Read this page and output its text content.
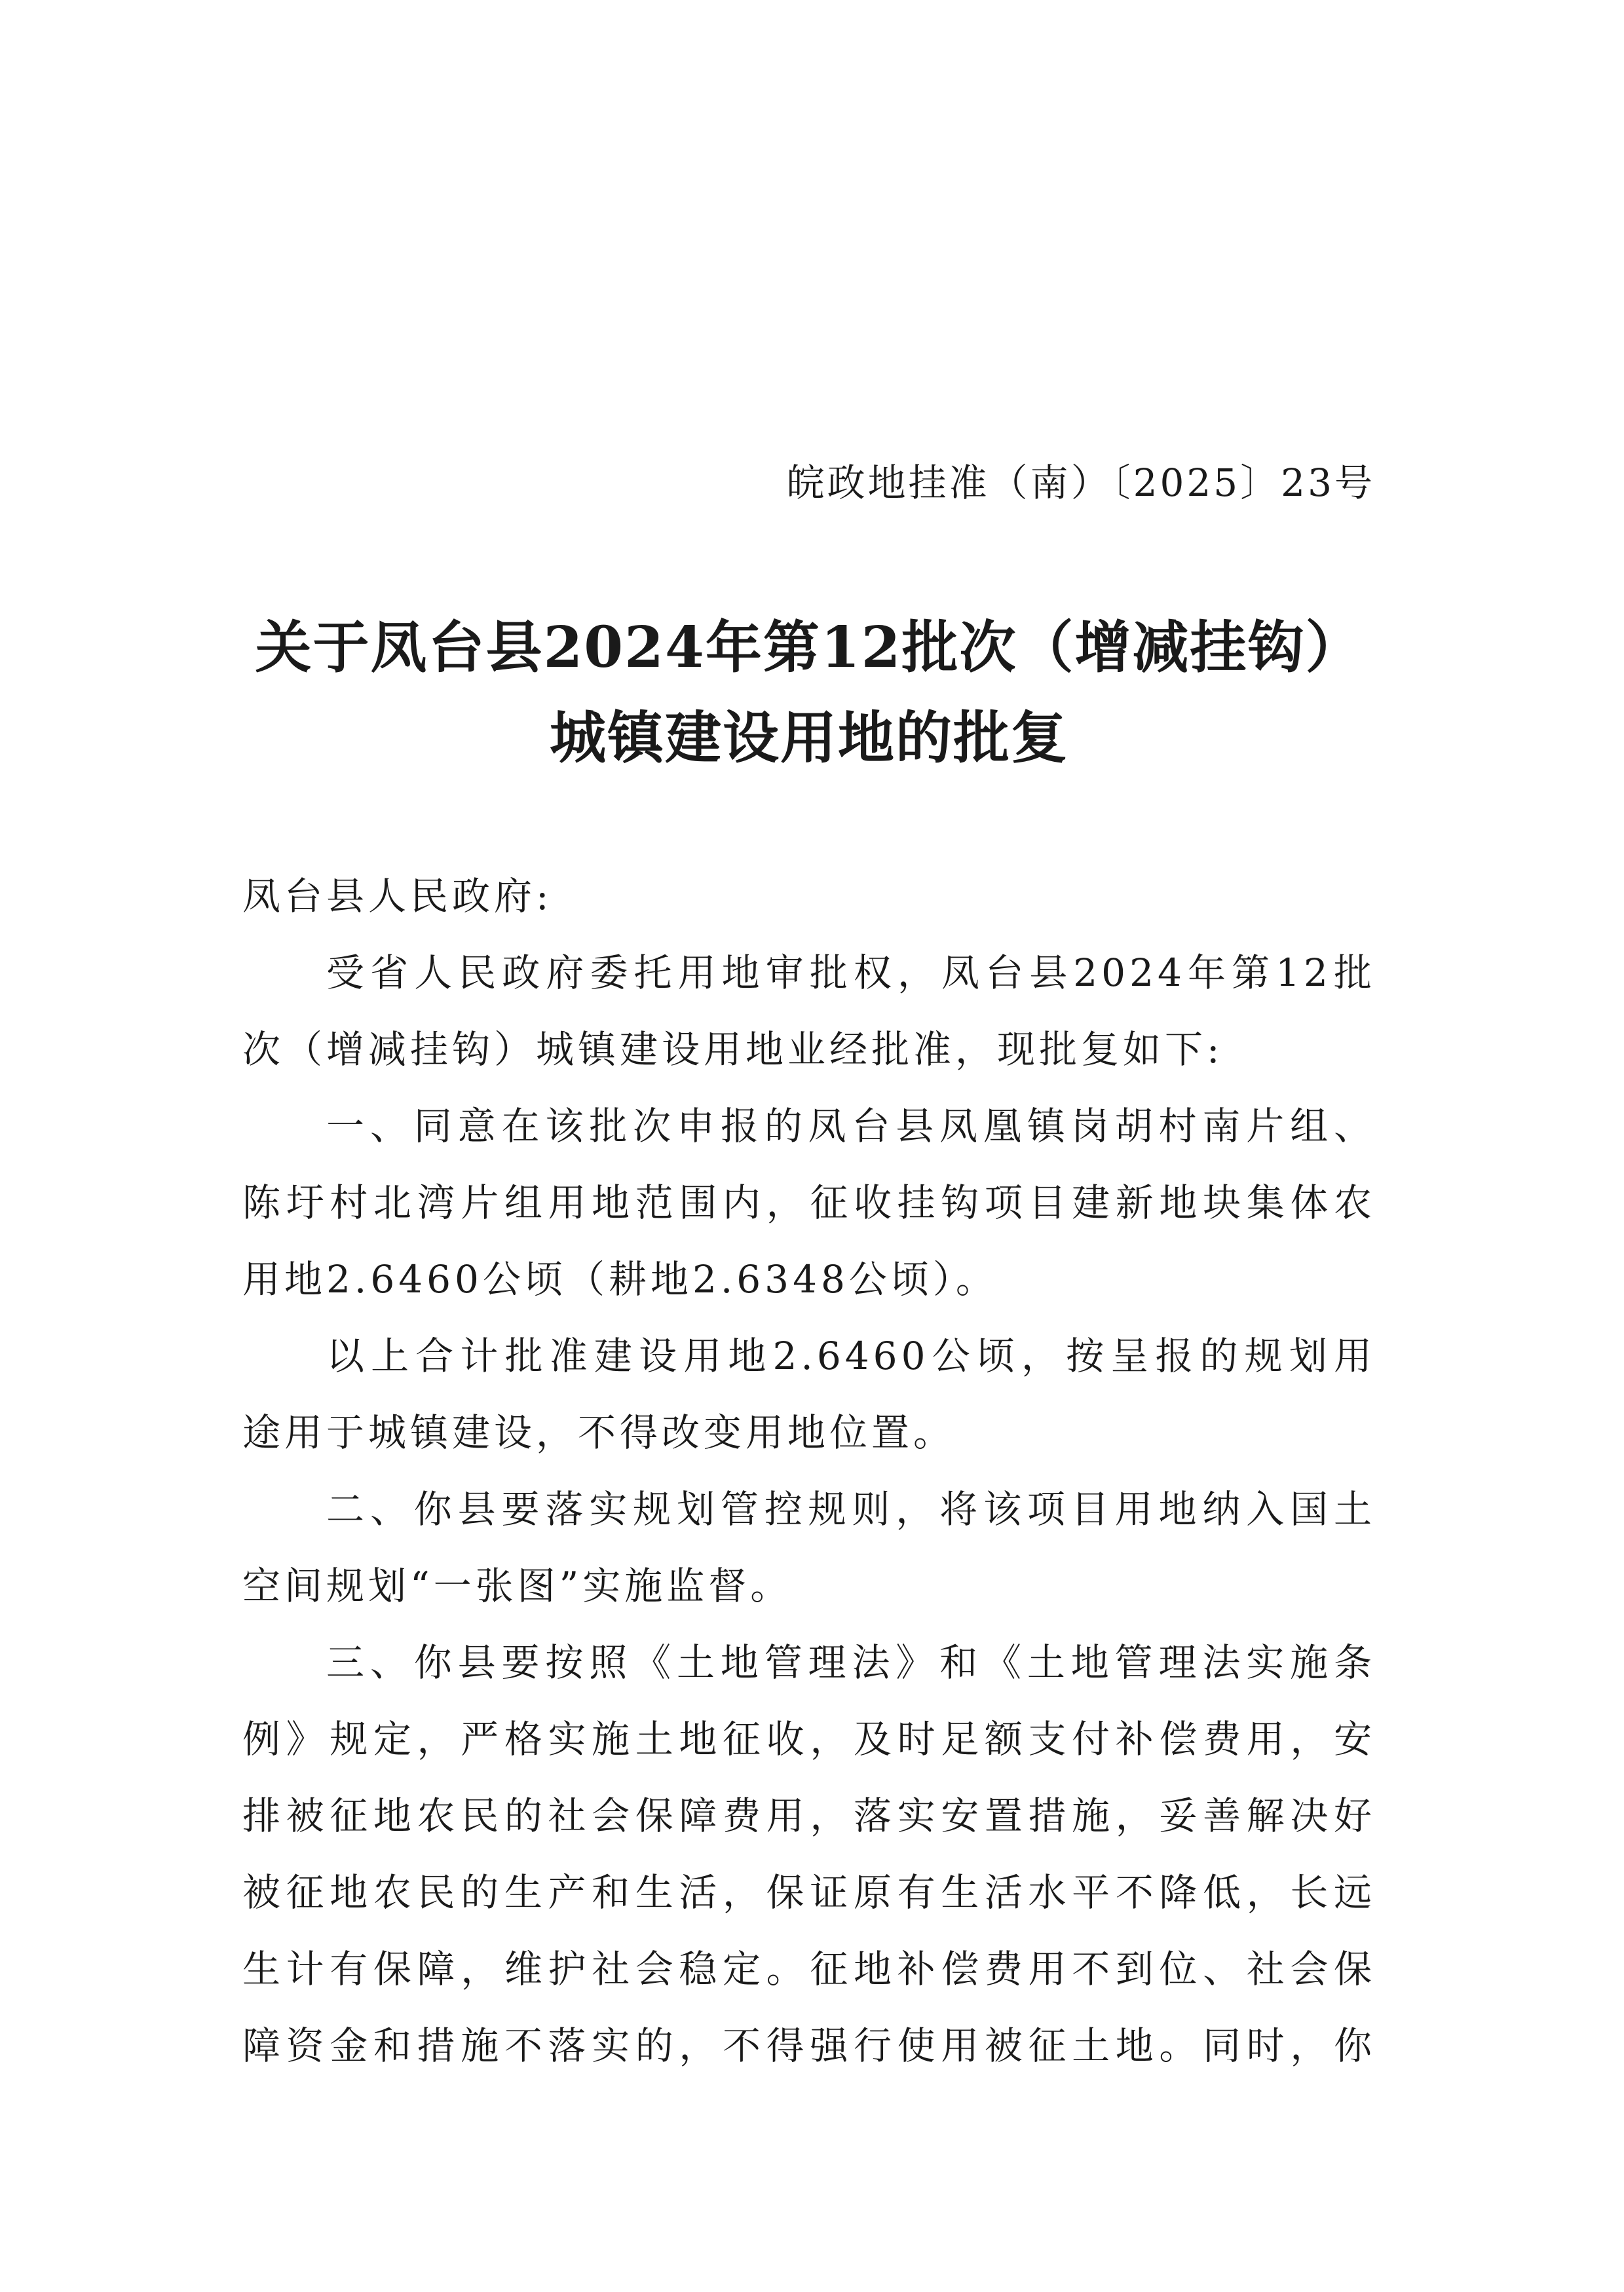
皖政地挂准（南）〔2025〕23号
关于凤台县2024年第12批次（增减挂钩）
城镇建设用地的批复
凤台县人民政府:
受省人民政府委托用地审批权，凤台县2024年第12批
次（增减挂钩）城镇建设用地业经批准，现批复如下:
一、同意在该批次申报的凤台县凤凰镇岗胡村南片组、
陈圩村北湾片组用地范围内，征收挂钩项目建新地块集体农
用地2.6460公顷（耕地2.6348公顷）。
以上合计批准建设用地2.6460公顷，按呈报的规划用
途用于城镇建设，不得改变用地位置。
二、你县要落实规划管控规则，将该项目用地纳入国土
空间规划“一张图”实施监督。
三、你县要按照《土地管理法》和《土地管理法实施条
例》规定，严格实施土地征收，及时足额支付补偿费用，安
排被征地农民的社会保障费用，落实安置措施，妥善解决好
被征地农民的生产和生活，保证原有生活水平不降低，长远
生计有保障，维护社会稳定。征地补偿费用不到位、社会保
障资金和措施不落实的，不得强行使用被征土地。同时，你
